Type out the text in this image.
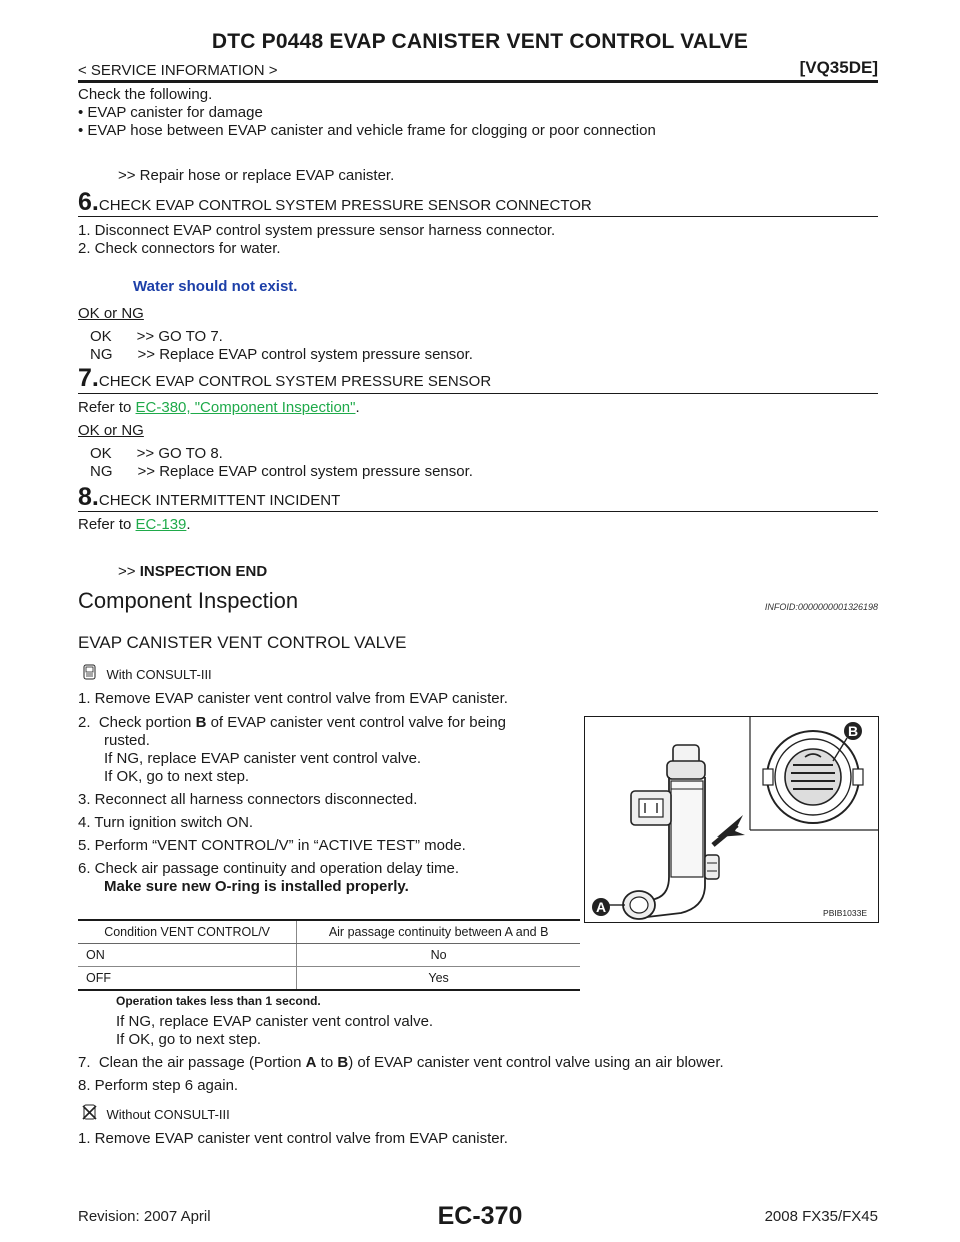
DTC P0448 EVAP CANISTER VENT CONTROL VALVE
< SERVICE INFORMATION >	[VQ35DE]
Check the following.
• EVAP canister for damage
• EVAP hose between EVAP canister and vehicle frame for clogging or poor connection
>> Repair hose or replace EVAP canister.
6.CHECK EVAP CONTROL SYSTEM PRESSURE SENSOR CONNECTOR
1. Disconnect EVAP control system pressure sensor harness connector.
2. Check connectors for water.
Water should not exist.
OK or NG
OK      >> GO TO 7.
NG      >> Replace EVAP control system pressure sensor.
7.CHECK EVAP CONTROL SYSTEM PRESSURE SENSOR
Refer to EC-380, "Component Inspection".
OK or NG
OK      >> GO TO 8.
NG      >> Replace EVAP control system pressure sensor.
8.CHECK INTERMITTENT INCIDENT
Refer to EC-139.
>> INSPECTION END
Component Inspection	INFOID:0000000001326198
EVAP CANISTER VENT CONTROL VALVE
With CONSULT-III
1. Remove EVAP canister vent control valve from EVAP canister.
2.  Check portion B of EVAP canister vent control valve for being
rusted.
If NG, replace EVAP canister vent control valve.
If OK, go to next step.
3. Reconnect all harness connectors disconnected.
4. Turn ignition switch ON.
5. Perform “VENT CONTROL/V” in “ACTIVE TEST” mode.
6. Check air passage continuity and operation delay time.
Make sure new O-ring is installed properly.
B
A	PBIB1033E
Condition VENT CONTROL/V	Air passage continuity between A and B
ON	No
OFF	Yes
Operation takes less than 1 second.
If NG, replace EVAP canister vent control valve.
If OK, go to next step.
7.  Clean the air passage (Portion A to B) of EVAP canister vent control valve using an air blower.
8. Perform step 6 again.
Without CONSULT-III
1. Remove EVAP canister vent control valve from EVAP canister.
EC-370
Revision: 2007 April	2008 FX35/FX45
